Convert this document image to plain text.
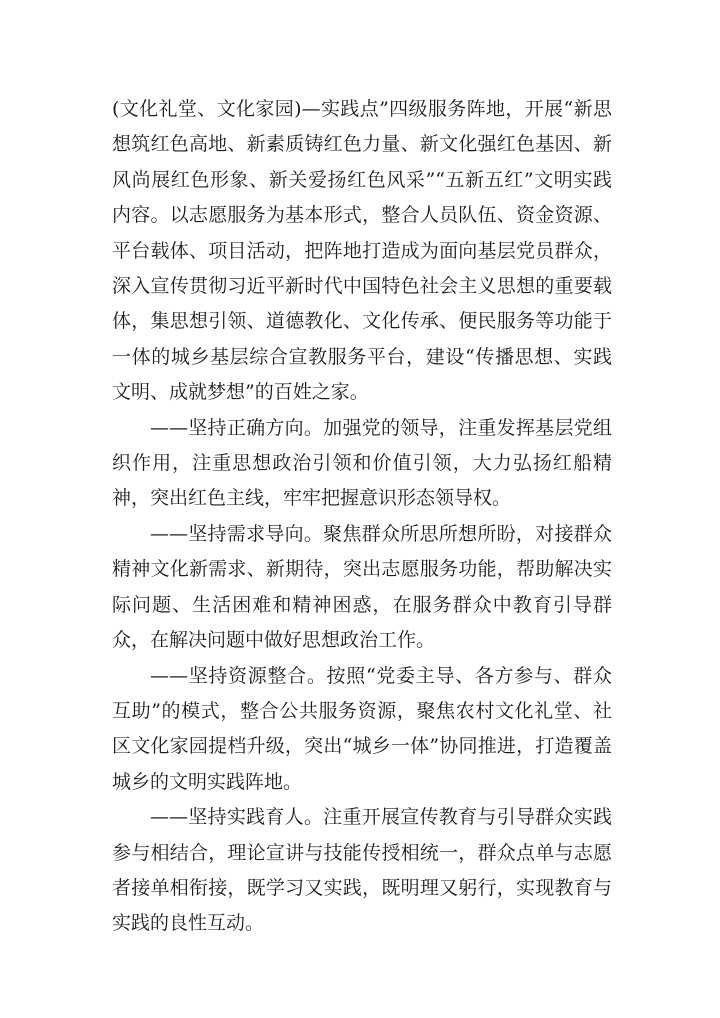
(文化礼堂、文化家园)—实践点”四级服务阵地，开展“新思想筑红色高地、新素质铸红色力量、新文化强红色基因、新风尚展红色形象、新关爱扬红色风采”“五新五红”文明实践内容。以志愿服务为基本形式，整合人员队伍、资金资源、平台载体、项目活动，把阵地打造成为面向基层党员群众，深入宣传贯彻习近平新时代中国特色社会主义思想的重要载体，集思想引领、道德教化、文化传承、便民服务等功能于一体的城乡基层综合宣教服务平台，建设“传播思想、实践文明、成就梦想”的百姓之家。

——坚持正确方向。加强党的领导，注重发挥基层党组织作用，注重思想政治引领和价值引领，大力弘扬红船精神，突出红色主线，牢牢把握意识形态领导权。

——坚持需求导向。聚焦群众所思所想所盼，对接群众精神文化新需求、新期待，突出志愿服务功能，帮助解决实际问题、生活困难和精神困惑，在服务群众中教育引导群众，在解决问题中做好思想政治工作。

——坚持资源整合。按照“党委主导、各方参与、群众互助”的模式，整合公共服务资源，聚焦农村文化礼堂、社区文化家园提档升级，突出“城乡一体”协同推进，打造覆盖城乡的文明实践阵地。

——坚持实践育人。注重开展宣传教育与引导群众实践参与相结合，理论宣讲与技能传授相统一，群众点单与志愿者接单相衔接，既学习又实践，既明理又躬行，实现教育与实践的良性互动。
